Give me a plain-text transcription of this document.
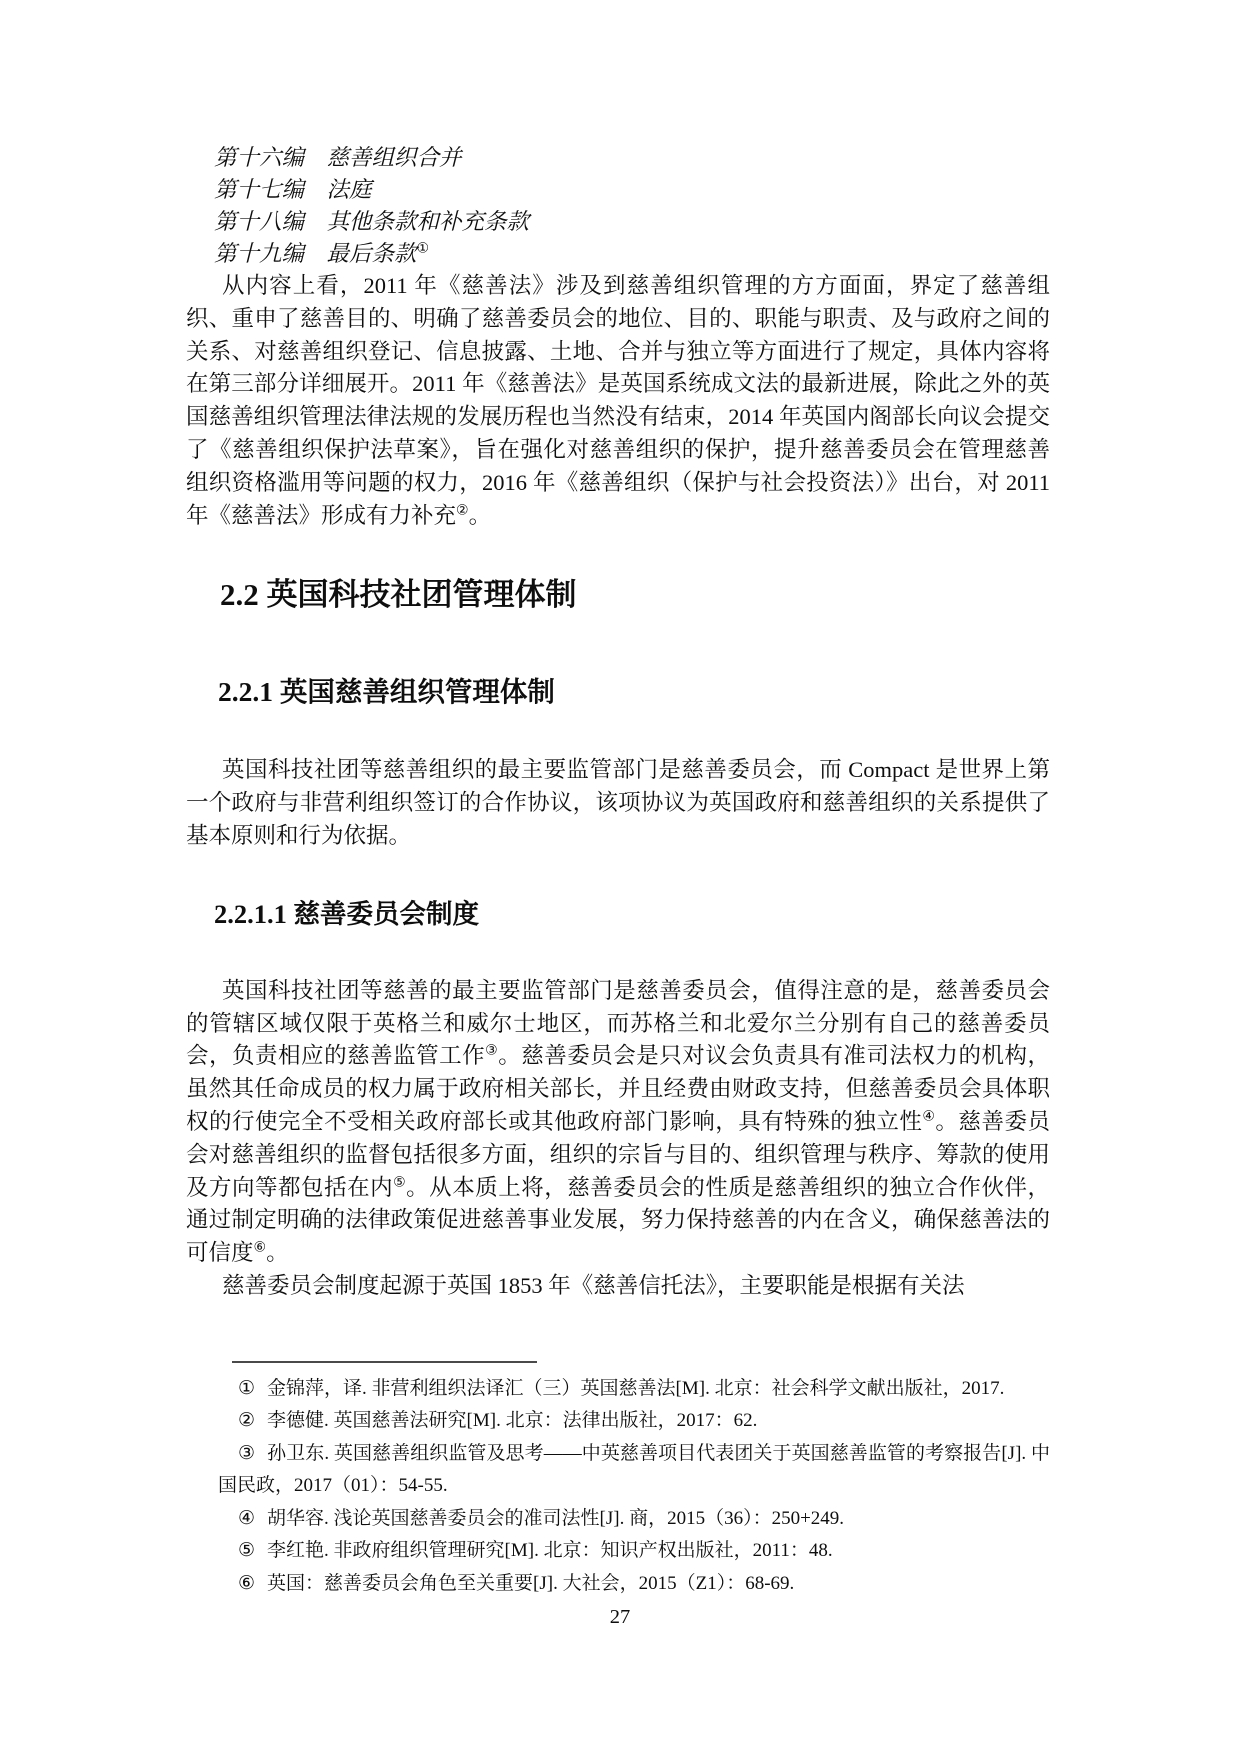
第十六编　慈善组织合并
第十七编　法庭
第十八编　其他条款和补充条款
第十九编　最后条款①

从内容上看，2011 年《慈善法》涉及到慈善组织管理的方方面面，界定了慈善组织、重申了慈善目的、明确了慈善委员会的地位、目的、职能与职责、及与政府之间的关系、对慈善组织登记、信息披露、土地、合并与独立等方面进行了规定，具体内容将在第三部分详细展开。2011 年《慈善法》是英国系统成文法的最新进展，除此之外的英国慈善组织管理法律法规的发展历程也当然没有结束，2014 年英国内阁部长向议会提交了《慈善组织保护法草案》，旨在强化对慈善组织的保护，提升慈善委员会在管理慈善组织资格滥用等问题的权力，2016 年《慈善组织（保护与社会投资法）》出台，对 2011 年《慈善法》形成有力补充②。

2.2 英国科技社团管理体制
2.2.1 英国慈善组织管理体制

英国科技社团等慈善组织的最主要监管部门是慈善委员会，而 Compact 是世界上第一个政府与非营利组织签订的合作协议，该项协议为英国政府和慈善组织的关系提供了基本原则和行为依据。

2.2.1.1 慈善委员会制度

英国科技社团等慈善的最主要监管部门是慈善委员会，值得注意的是，慈善委员会的管辖区域仅限于英格兰和威尔士地区，而苏格兰和北爱尔兰分别有自己的慈善委员会，负责相应的慈善监管工作③。慈善委员会是只对议会负责具有准司法权力的机构，虽然其任命成员的权力属于政府相关部长，并且经费由财政支持，但慈善委员会具体职权的行使完全不受相关政府部长或其他政府部门影响，具有特殊的独立性④。慈善委员会对慈善组织的监督包括很多方面，组织的宗旨与目的、组织管理与秩序、筹款的使用及方向等都包括在内⑤。从本质上将，慈善委员会的性质是慈善组织的独立合作伙伴，通过制定明确的法律政策促进慈善事业发展，努力保持慈善的内在含义，确保慈善法的可信度⑥。

慈善委员会制度起源于英国 1853 年《慈善信托法》，主要职能是根据有关法

① 金锦萍，译. 非营利组织法译汇（三）英国慈善法[M]. 北京：社会科学文献出版社，2017.

② 李德健. 英国慈善法研究[M]. 北京：法律出版社，2017：62.

③ 孙卫东. 英国慈善组织监管及思考——中英慈善项目代表团关于英国慈善监管的考察报告[J]. 中国民政，2017（01）：54-55.

④ 胡华容. 浅论英国慈善委员会的准司法性[J]. 商，2015（36）：250+249.

⑤ 李红艳. 非政府组织管理研究[M]. 北京：知识产权出版社，2011：48.

⑥ 英国：慈善委员会角色至关重要[J]. 大社会，2015（Z1）：68-69.

27
